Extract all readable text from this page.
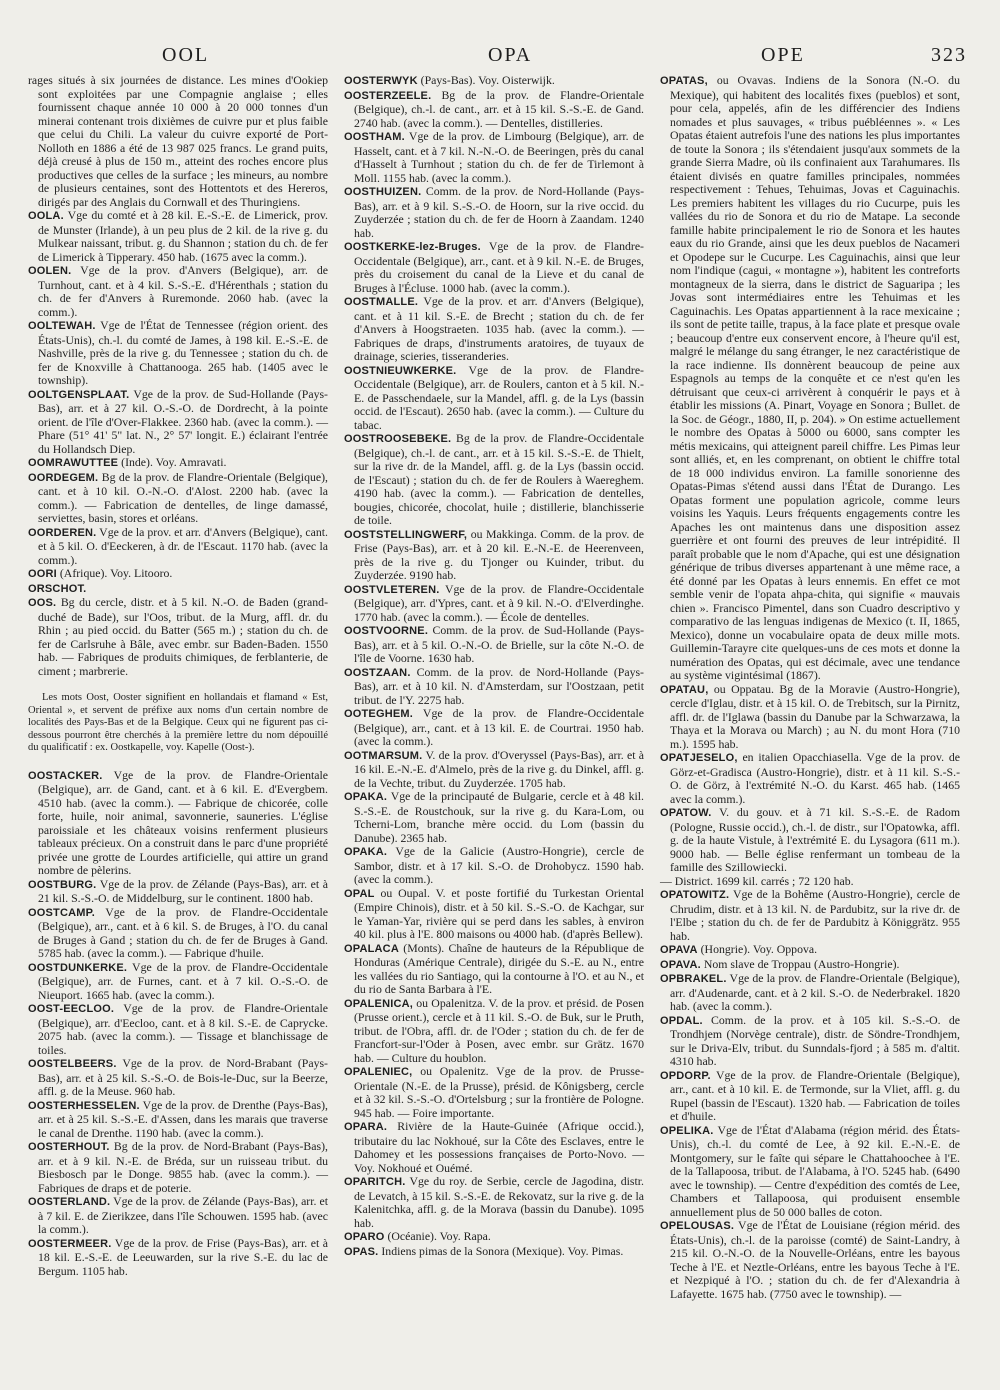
OOL	OPA	OPE	323

rages situés à six journées de distance. Les mines d'Ookiep sont exploitées par une Compagnie anglaise ; elles fournissent chaque année 10 000 à 20 000 tonnes d'un minerai contenant trois dixièmes de cuivre pur et plus faible que celui du Chili. La valeur du cuivre exporté de Port-Nolloth en 1886 a été de 13 987 025 francs. Le grand puits, déjà creusé à plus de 150 m., atteint des roches encore plus productives que celles de la surface ; les mineurs, au nombre de plusieurs centaines, sont des Hottentots et des Hereros, dirigés par des Anglais du Cornwall et des Thuringiens.

OOLA. Vge du comté et à 28 kil. E.-S.-E. de Limerick, prov. de Munster (Irlande), à un peu plus de 2 kil. de la rive g. du Mulkear naissant, tribut. g. du Shannon ; station du ch. de fer de Limerick à Tipperary. 450 hab. (1675 avec la comm.).

OOLEN. Vge de la prov. d'Anvers (Belgique), arr. de Turnhout, cant. et à 4 kil. S.-S.-E. d'Hérenthals ; station du ch. de fer d'Anvers à Ruremonde. 2060 hab. (avec la comm.).

OOLTEWAH. Vge de l'État de Tennessee (région orient. des États-Unis), ch.-l. du comté de James, à 198 kil. E.-S.-E. de Nashville, près de la rive g. du Tennessee ; station du ch. de fer de Knoxville à Chattanooga. 265 hab. (1405 avec le township).

OOLTGENSPLAAT. Vge de la prov. de Sud-Hollande (Pays-Bas), arr. et à 27 kil. O.-S.-O. de Dordrecht, à la pointe orient. de l'île d'Over-Flakkee. 2360 hab. (avec la comm.). — Phare (51° 41' 5" lat. N., 2° 57' longit. E.) éclairant l'entrée du Hollandsch Diep.

OOMRAWUTTEE (Inde). Voy. Amravati.

OORDEGEM. Bg de la prov. de Flandre-Orientale (Belgique), cant. et à 10 kil. O.-N.-O. d'Alost. 2200 hab. (avec la comm.). — Fabrication de dentelles, de linge damassé, serviettes, basin, stores et orléans.

OORDEREN. Vge de la prov. et arr. d'Anvers (Belgique), cant. et à 5 kil. O. d'Eeckeren, à dr. de l'Escaut. 1170 hab. (avec la comm.).

OORI (Afrique). Voy. Litooro.

ORSCHOT.

OOS. Bg du cercle, distr. et à 5 kil. N.-O. de Baden (grand-duché de Bade), sur l'Oos, tribut. de la Murg, affl. dr. du Rhin ; au pied occid. du Batter (565 m.) ; station du ch. de fer de Carlsruhe à Bâle, avec embr. sur Baden-Baden. 1550 hab. — Fabriques de produits chimiques, de ferblanterie, de ciment ; marbrerie.

Les mots Oost, Ooster signifient en hollandais et flamand « Est, Oriental », et servent de préfixe aux noms d'un certain nombre de localités des Pays-Bas et de la Belgique. Ceux qui ne figurent pas ci-dessous pourront être cherchés à la première lettre du nom dépouillé du qualificatif : ex. Oostkapelle, voy. Kapelle (Oost-).

OOSTACKER. Vge de la prov. de Flandre-Orientale (Belgique), arr. de Gand, cant. et à 6 kil. E. d'Evergbem. 4510 hab. (avec la comm.). — Fabrique de chicorée, colle forte, huile, noir animal, savonnerie, sauneries. L'église paroissiale et les châteaux voisins renferment plusieurs tableaux précieux. On a construit dans le parc d'une propriété privée une grotte de Lourdes artificielle, qui attire un grand nombre de pèlerins.

OOSTBURG. Vge de la prov. de Zélande (Pays-Bas), arr. et à 21 kil. S.-S.-O. de Middelburg, sur le continent. 1800 hab.

OOSTCAMP. Vge de la prov. de Flandre-Occidentale (Belgique), arr., cant. et à 6 kil. S. de Bruges, à l'O. du canal de Bruges à Gand ; station du ch. de fer de Bruges à Gand. 5785 hab. (avec la comm.). — Fabrique d'huile.

OOSTDUNKERKE. Vge de la prov. de Flandre-Occidentale (Belgique), arr. de Furnes, cant. et à 7 kil. O.-S.-O. de Nieuport. 1665 hab. (avec la comm.).

OOST-EECLOO. Vge de la prov. de Flandre-Orientale (Belgique), arr. d'Eecloo, cant. et à 8 kil. S.-E. de Caprycke. 2075 hab. (avec la comm.). — Tissage et blanchissage de toiles.

OOSTELBEERS. Vge de la prov. de Nord-Brabant (Pays-Bas), arr. et à 25 kil. S.-S.-O. de Bois-le-Duc, sur la Beerze, affl. g. de la Meuse. 960 hab.

OOSTERHESSELEN. Vge de la prov. de Drenthe (Pays-Bas), arr. et à 25 kil. S.-S.-E. d'Assen, dans les marais que traverse le canal de Drenthe. 1190 hab. (avec la comm.).

OOSTERHOUT. Bg de la prov. de Nord-Brabant (Pays-Bas), arr. et à 9 kil. N.-E. de Bréda, sur un ruisseau tribut. du Biesbosch par le Donge. 9855 hab. (avec la comm.). — Fabriques de draps et de poterie.

OOSTERLAND. Vge de la prov. de Zélande (Pays-Bas), arr. et à 7 kil. E. de Zierikzee, dans l'île Schouwen. 1595 hab. (avec la comm.).

OOSTERMEER. Vge de la prov. de Frise (Pays-Bas), arr. et à 18 kil. E.-S.-E. de Leeuwarden, sur la rive S.-E. du lac de Bergum. 1105 hab.

OOSTERWYK (Pays-Bas). Voy. Oisterwijk.

OOSTERZEELE. Bg de la prov. de Flandre-Orientale (Belgique), ch.-l. de cant., arr. et à 15 kil. S.-S.-E. de Gand. 2740 hab. (avec la comm.). — Dentelles, distilleries.

OOSTHAM. Vge de la prov. de Limbourg (Belgique), arr. de Hasselt, cant. et à 7 kil. N.-N.-O. de Beeringen, près du canal d'Hasselt à Turnhout ; station du ch. de fer de Tirlemont à Moll. 1155 hab. (avec la comm.).

OOSTHUIZEN. Comm. de la prov. de Nord-Hollande (Pays-Bas), arr. et à 9 kil. S.-S.-O. de Hoorn, sur la rive occid. du Zuyderzée ; station du ch. de fer de Hoorn à Zaandam. 1240 hab.

OOSTKERKE-lez-Bruges. Vge de la prov. de Flandre-Occidentale (Belgique), arr., cant. et à 9 kil. N.-E. de Bruges, près du croisement du canal de la Lieve et du canal de Bruges à l'Écluse. 1000 hab. (avec la comm.).

OOSTMALLE. Vge de la prov. et arr. d'Anvers (Belgique), cant. et à 11 kil. S.-E. de Brecht ; station du ch. de fer d'Anvers à Hoogstraeten. 1035 hab. (avec la comm.). — Fabriques de draps, d'instruments aratoires, de tuyaux de drainage, scieries, tisseranderies.

OOSTNIEUWKERKE. Vge de la prov. de Flandre-Occidentale (Belgique), arr. de Roulers, canton et à 5 kil. N.-E. de Passchendaele, sur la Mandel, affl. g. de la Lys (bassin occid. de l'Escaut). 2650 hab. (avec la comm.). — Culture du tabac.

OOSTROOSEBEKE. Bg de la prov. de Flandre-Occidentale (Belgique), ch.-l. de cant., arr. et à 15 kil. S.-S.-E. de Thielt, sur la rive dr. de la Mandel, affl. g. de la Lys (bassin occid. de l'Escaut) ; station du ch. de fer de Roulers à Waereghem. 4190 hab. (avec la comm.). — Fabrication de dentelles, bougies, chicorée, chocolat, huile ; distillerie, blanchisserie de toile.

OOSTSTELLINGWERF, ou Makkinga. Comm. de la prov. de Frise (Pays-Bas), arr. et à 20 kil. E.-N.-E. de Heerenveen, près de la rive g. du Tjonger ou Kuinder, tribut. du Zuyderzée. 9190 hab.

OOSTVLETEREN. Vge de la prov. de Flandre-Occidentale (Belgique), arr. d'Ypres, cant. et à 9 kil. N.-O. d'Elverdinghe. 1770 hab. (avec la comm.). — École de dentelles.

OOSTVOORNE. Comm. de la prov. de Sud-Hollande (Pays-Bas), arr. et à 5 kil. O.-N.-O. de Brielle, sur la côte N.-O. de l'île de Voorne. 1630 hab.

OOSTZAAN. Comm. de la prov. de Nord-Hollande (Pays-Bas), arr. et à 10 kil. N. d'Amsterdam, sur l'Oostzaan, petit tribut. de l'Y. 2275 hab.

OOTEGHEM. Vge de la prov. de Flandre-Occidentale (Belgique), arr., cant. et à 13 kil. E. de Courtrai. 1950 hab. (avec la comm.).

OOTMARSUM. V. de la prov. d'Overyssel (Pays-Bas), arr. et à 16 kil. E.-N.-E. d'Almelo, près de la rive g. du Dinkel, affl. g. de la Vechte, tribut. du Zuyderzée. 1705 hab.

OPAKA. Vge de la principauté de Bulgarie, cercle et à 48 kil. S.-S.-E. de Roustchouk, sur la rive g. du Kara-Lom, ou Tcherni-Lom, branche mère occid. du Lom (bassin du Danube). 2365 hab.

OPAKA. Vge de la Galicie (Austro-Hongrie), cercle de Sambor, distr. et à 17 kil. S.-O. de Drohobycz. 1590 hab. (avec la comm.).

OPAL ou Oupal. V. et poste fortifié du Turkestan Oriental (Empire Chinois), distr. et à 50 kil. S.-S.-O. de Kachgar, sur le Yaman-Yar, rivière qui se perd dans les sables, à environ 40 kil. plus à l'E. 800 maisons ou 4000 hab. (d'après Bellew).

OPALACA (Monts). Chaîne de hauteurs de la République de Honduras (Amérique Centrale), dirigée du S.-E. au N., entre les vallées du rio Santiago, qui la contourne à l'O. et au N., et du rio de Santa Barbara à l'E.

OPALENICA, ou Opalenitza. V. de la prov. et présid. de Posen (Prusse orient.), cercle et à 11 kil. S.-O. de Buk, sur le Pruth, tribut. de l'Obra, affl. dr. de l'Oder ; station du ch. de fer de Francfort-sur-l'Oder à Posen, avec embr. sur Grätz. 1670 hab. — Culture du houblon.

OPALENIEC, ou Opalenitz. Vge de la prov. de Prusse-Orientale (N.-E. de la Prusse), présid. de Kônigsberg, cercle et à 32 kil. S.-S.-O. d'Ortelsburg ; sur la frontière de Pologne. 945 hab. — Foire importante.

OPARA. Rivière de la Haute-Guinée (Afrique occid.), tributaire du lac Nokhoué, sur la Côte des Esclaves, entre le Dahomey et les possessions françaises de Porto-Novo. — Voy. Nokhoué et Ouémé.

OPARITCH. Vge du roy. de Serbie, cercle de Jagodina, distr. de Levatch, à 15 kil. S.-S.-E. de Rekovatz, sur la rive g. de la Kalenitchka, affl. g. de la Morava (bassin du Danube). 1095 hab.

OPARO (Océanie). Voy. Rapa.

OPAS. Indiens pimas de la Sonora (Mexique). Voy. Pimas.

OPATAS, ou Ovavas. Indiens de la Sonora (N.-O. du Mexique), qui habitent des localités fixes (pueblos) et sont, pour cela, appelés, afin de les différencier des Indiens nomades et plus sauvages, « tribus puébléennes ». « Les Opatas étaient autrefois l'une des nations les plus importantes de toute la Sonora ; ils s'étendaient jusqu'aux sommets de la grande Sierra Madre, où ils confinaient aux Tarahumares. Ils étaient divisés en quatre familles principales, nommées respectivement : Tehues, Tehuimas, Jovas et Caguinachis. Les premiers habitent les villages du rio Cucurpe, puis les vallées du rio de Sonora et du rio de Matape. La seconde famille habite principalement le rio de Sonora et les hautes eaux du rio Grande, ainsi que les deux pueblos de Nacameri et Opodepe sur le Cucurpe. Les Caguinachis, ainsi que leur nom l'indique (cagui, « montagne »), habitent les contreforts montagneux de la sierra, dans le district de Saguaripa ; les Jovas sont intermédiaires entre les Tehuimas et les Caguinachis. Les Opatas appartiennent à la race mexicaine ; ils sont de petite taille, trapus, à la face plate et presque ovale ; beaucoup d'entre eux conservent encore, à l'heure qu'il est, malgré le mélange du sang étranger, le nez caractéristique de la race indienne. Ils donnèrent beaucoup de peine aux Espagnols au temps de la conquête et ce n'est qu'en les détruisant que ceux-ci arrivèrent à conquérir le pays et à établir les missions (A. Pinart, Voyage en Sonora ; Bullet. de la Soc. de Géogr., 1880, II, p. 204). » On estime actuellement le nombre des Opatas à 5000 ou 6000, sans compter les métis mexicains, qui atteignent pareil chiffre. Les Pimas leur sont alliés, et, en les comprenant, on obtient le chiffre total de 18 000 individus environ. La famille sonorienne des Opatas-Pimas s'étend aussi dans l'État de Durango. Les Opatas forment une population agricole, comme leurs voisins les Yaquis. Leurs fréquents engagements contre les Apaches les ont maintenus dans une disposition assez guerrière et ont fourni des preuves de leur intrépidité. Il paraît probable que le nom d'Apache, qui est une désignation générique de tribus diverses appartenant à une même race, a été donné par les Opatas à leurs ennemis. En effet ce mot semble venir de l'opata ahpa-chita, qui signifie « mauvais chien ». Francisco Pimentel, dans son Cuadro descriptivo y comparativo de las lenguas indigenas de Mexico (t. II, 1865, Mexico), donne un vocabulaire opata de deux mille mots. Guillemin-Tarayre cite quelques-uns de ces mots et donne la numération des Opatas, qui est décimale, avec une tendance au système vigintésimal (1867).

OPATAU, ou Oppatau. Bg de la Moravie (Austro-Hongrie), cercle d'Iglau, distr. et à 15 kil. O. de Trebitsch, sur la Pirnitz, affl. dr. de l'Iglawa (bassin du Danube par la Schwarzawa, la Thaya et la Morava ou March) ; au N. du mont Hora (710 m.). 1595 hab.

OPATJESELO, en italien Opacchiasella. Vge de la prov. de Görz-et-Gradisca (Austro-Hongrie), distr. et à 11 kil. S.-S.-O. de Görz, à l'extrémité N.-O. du Karst. 465 hab. (1465 avec la comm.).

OPATOW. V. du gouv. et à 71 kil. S.-S.-E. de Radom (Pologne, Russie occid.), ch.-l. de distr., sur l'Opatowka, affl. g. de la haute Vistule, à l'extrémité E. du Lysagora (611 m.). 9000 hab. — Belle église renfermant un tombeau de la famille des Szillowiecki.

— District. 1699 kil. carrés ; 72 120 hab.

OPATOWITZ. Vge de la Bohême (Austro-Hongrie), cercle de Chrudim, distr. et à 13 kil. N. de Pardubitz, sur la rive dr. de l'Elbe ; station du ch. de fer de Pardubitz à Königgrätz. 955 hab.

OPAVA (Hongrie). Voy. Oppova.

OPAVA. Nom slave de Troppau (Austro-Hongrie).

OPBRAKEL. Vge de la prov. de Flandre-Orientale (Belgique), arr. d'Audenarde, cant. et à 2 kil. S.-O. de Nederbrakel. 1820 hab. (avec la comm.).

OPDAL. Comm. de la prov. et à 105 kil. S.-S.-O. de Trondhjem (Norvège centrale), distr. de Söndre-Trondhjem, sur le Driva-Elv, tribut. du Sunndals-fjord ; à 585 m. d'altit. 4310 hab.

OPDORP. Vge de la prov. de Flandre-Orientale (Belgique), arr., cant. et à 10 kil. E. de Termonde, sur la Vliet, affl. g. du Rupel (bassin de l'Escaut). 1320 hab. — Fabrication de toiles et d'huile.

OPELIKA. Vge de l'État d'Alabama (région mérid. des États-Unis), ch.-l. du comté de Lee, à 92 kil. E.-N.-E. de Montgomery, sur le faîte qui sépare le Chattahoochee à l'E. de la Tallapoosa, tribut. de l'Alabama, à l'O. 5245 hab. (6490 avec le township). — Centre d'expédition des comtés de Lee, Chambers et Tallapoosa, qui produisent ensemble annuellement plus de 50 000 balles de coton.

OPELOUSAS. Vge de l'État de Louisiane (région mérid. des États-Unis), ch.-l. de la paroisse (comté) de Saint-Landry, à 215 kil. O.-N.-O. de la Nouvelle-Orléans, entre les bayous Teche à l'E. et Neztle-Orléans, entre les bayous Teche à l'E. et Nezpiqué à l'O. ; station du ch. de fer d'Alexandria à Lafayette. 1675 hab. (7750 avec le township). —
